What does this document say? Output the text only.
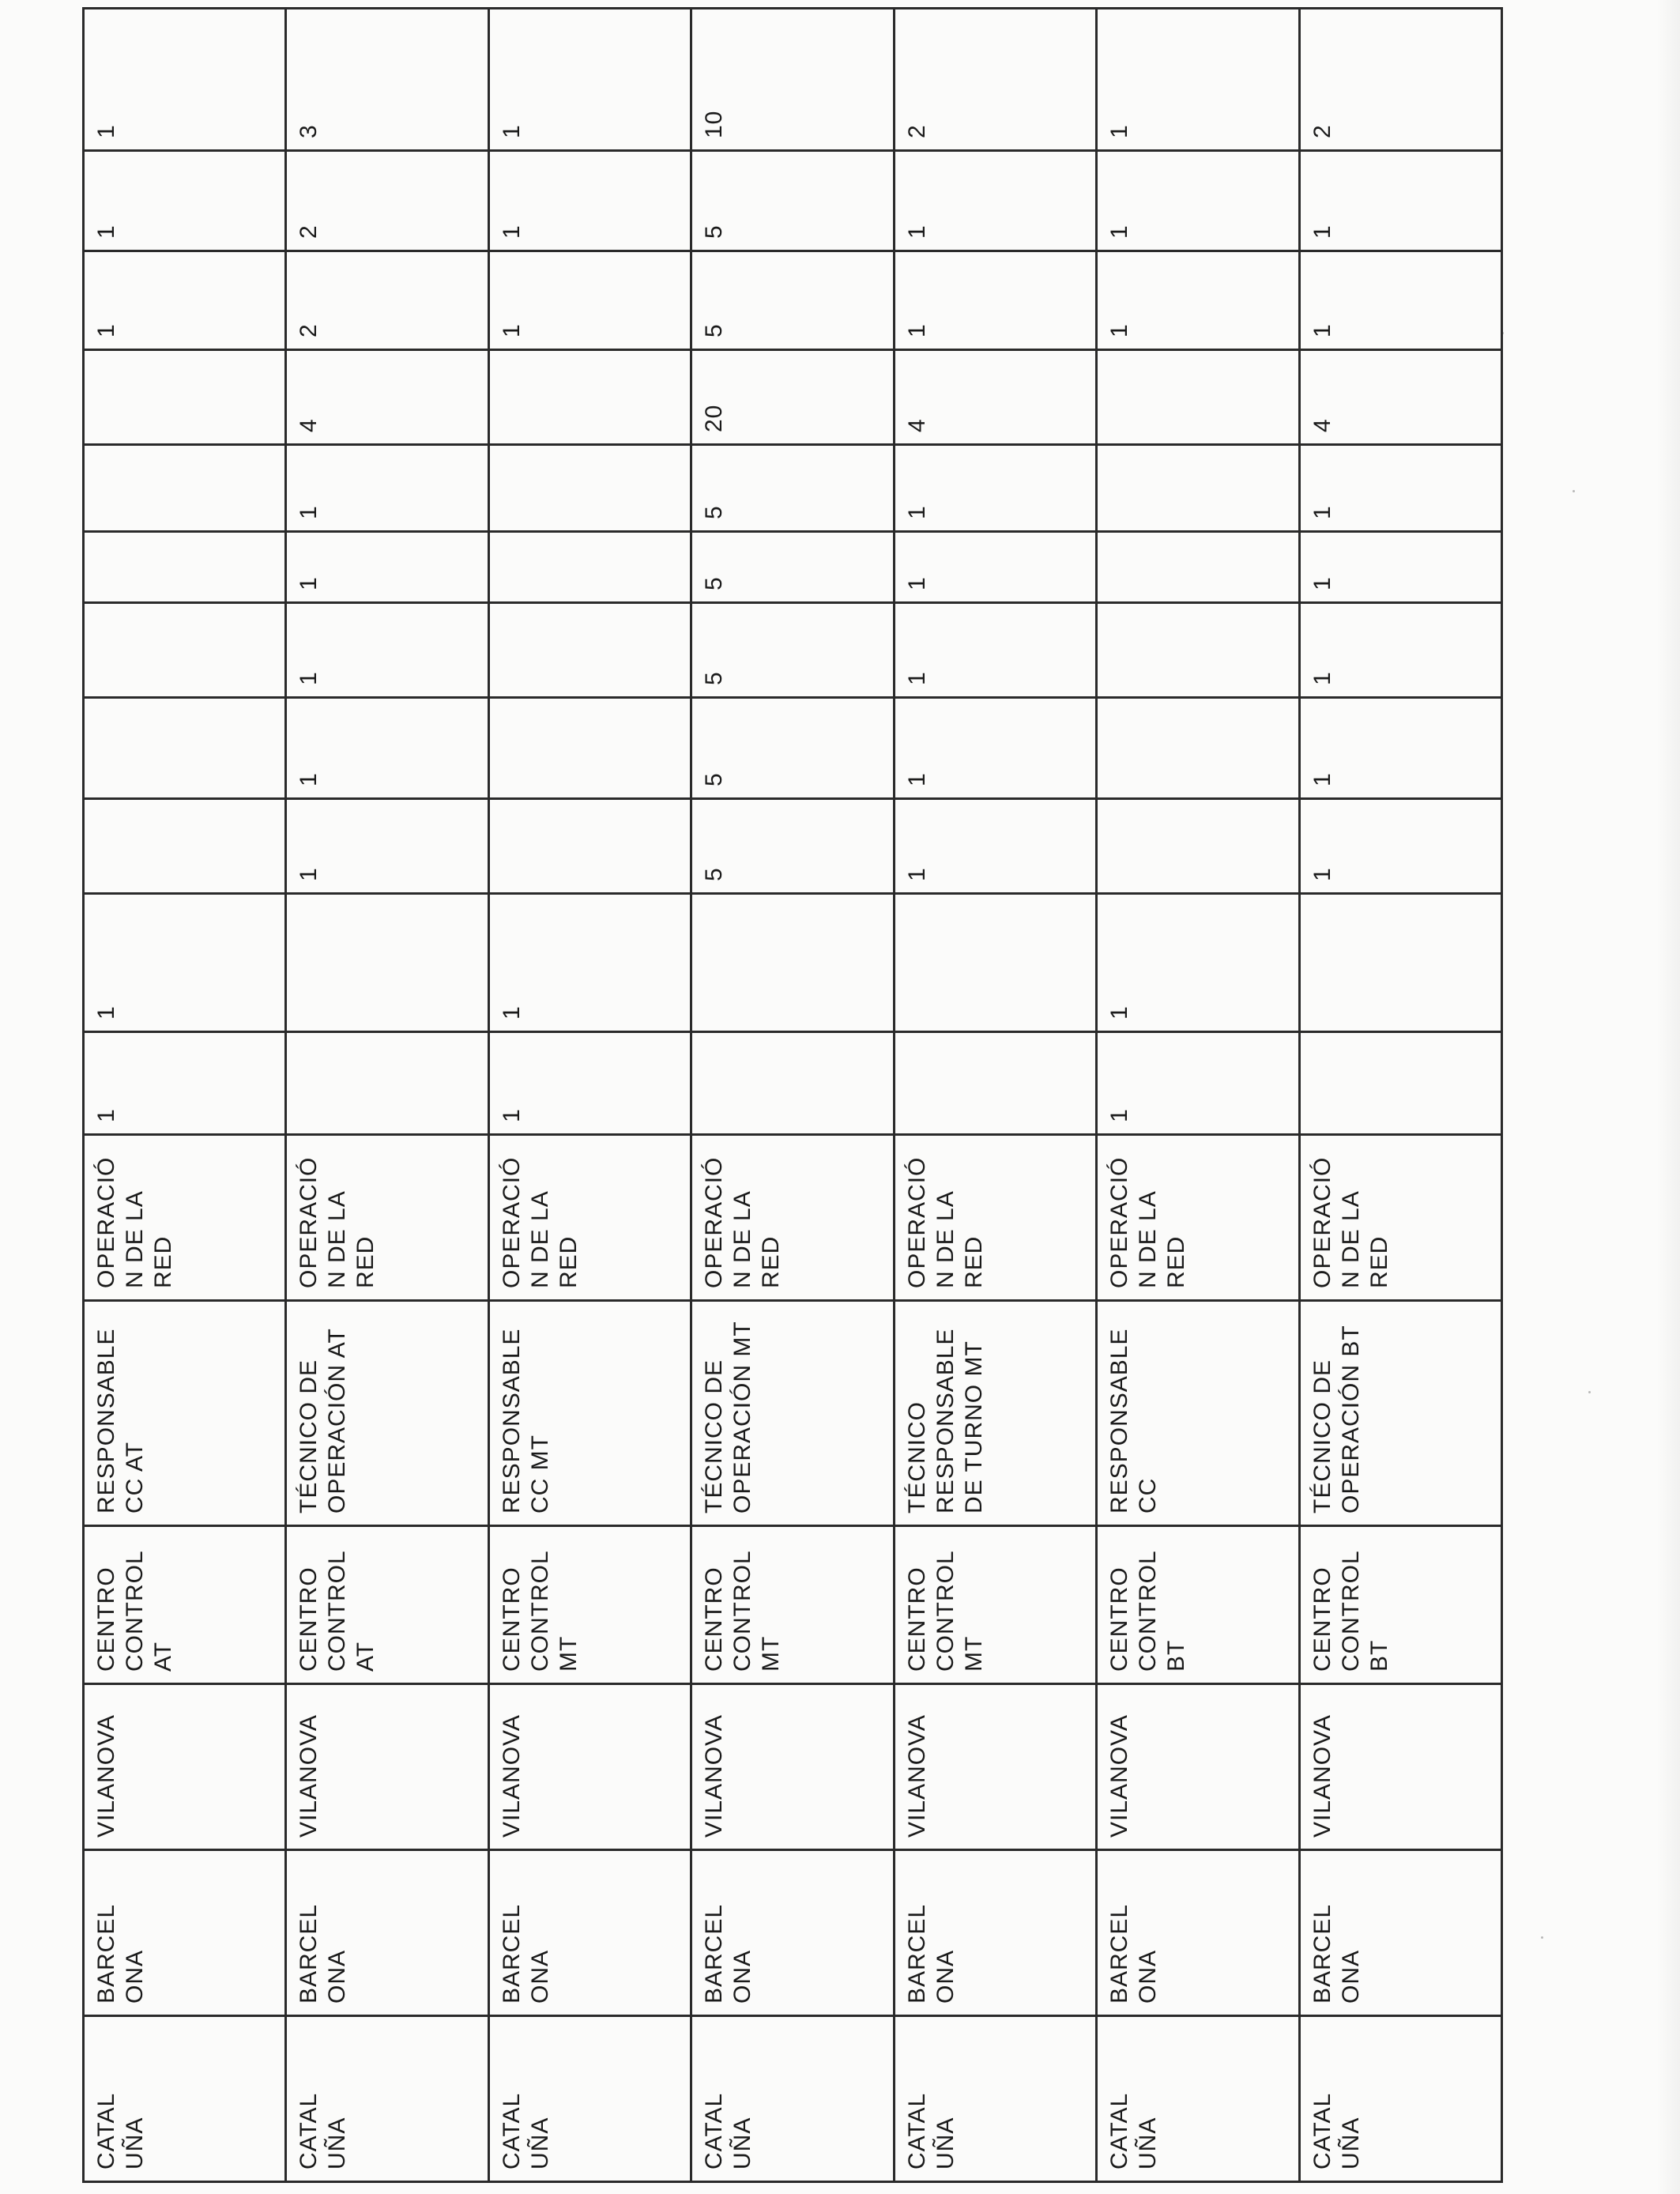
CATAL
UÑA	BARCEL
ONA	VILANOVA	CENTRO
CONTROL
AT	RESPONSABLE
CC AT	OPERACIÓ
N DE LA
RED	1	1							1	1	1

CATAL
UÑA	BARCEL
ONA	VILANOVA	CENTRO
CONTROL
AT	TÉCNICO DE
OPERACIÓN AT	OPERACIÓ
N DE LA
RED			1	1	1	1	1	4	2	2	3

CATAL
UÑA	BARCEL
ONA	VILANOVA	CENTRO
CONTROL
MT	RESPONSABLE
CC MT	OPERACIÓ
N DE LA
RED	1	1							1	1	1

CATAL
UÑA	BARCEL
ONA	VILANOVA	CENTRO
CONTROL
MT	TÉCNICO DE
OPERACIÓN MT	OPERACIÓ
N DE LA
RED			5	5	5	5	5	20	5	5	10

CATAL
UÑA	BARCEL
ONA	VILANOVA	CENTRO
CONTROL
MT	TÉCNICO
RESPONSABLE
DE TURNO MT	OPERACIÓ
N DE LA
RED			1	1	1	1	1	4	1	1	2

CATAL
UÑA	BARCEL
ONA	VILANOVA	CENTRO
CONTROL
BT	RESPONSABLE
CC	OPERACIÓ
N DE LA
RED	1	1							1	1	1

CATAL
UÑA	BARCEL
ONA	VILANOVA	CENTRO
CONTROL
BT	TÉCNICO DE
OPERACIÓN BT	OPERACIÓ
N DE LA
RED			1	1	1	1	1	4	1	1	2
